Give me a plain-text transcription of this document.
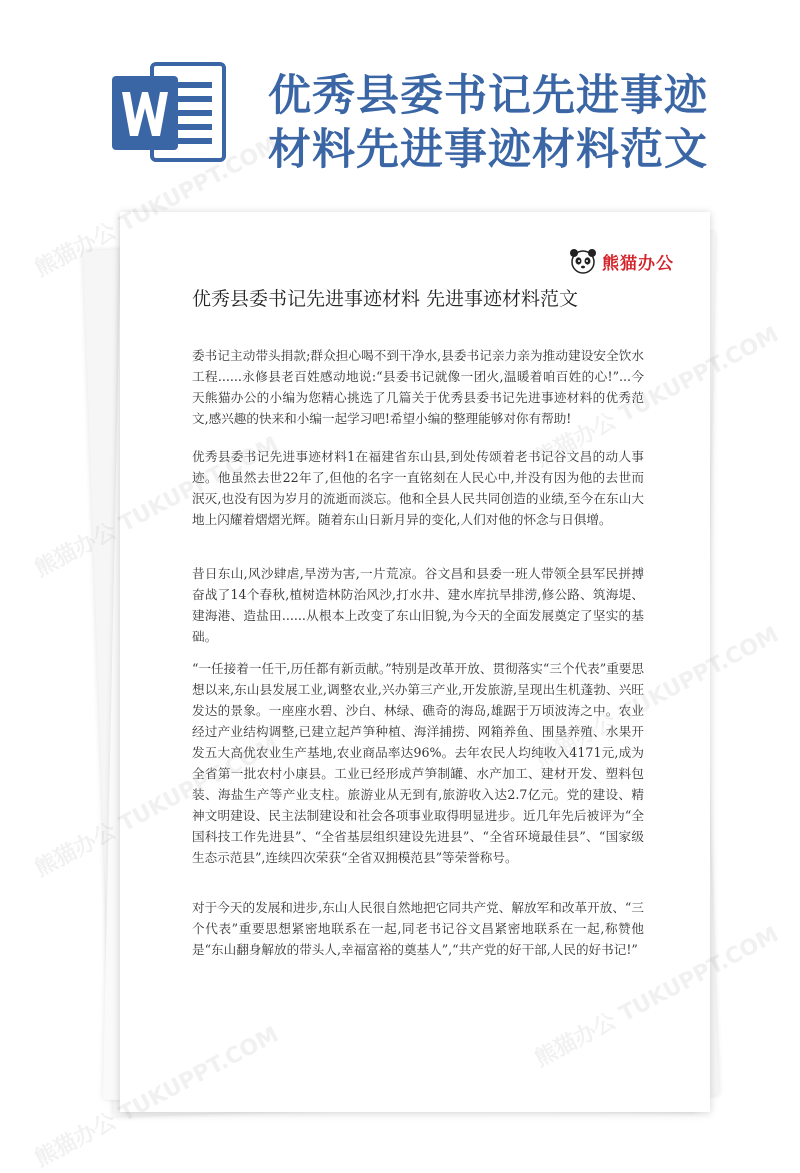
优秀县委书记先进事迹
材料先进事迹材料范文
熊猫办公
优秀县委书记先进事迹材料 先进事迹材料范文

委书记主动带头捐款;群众担心喝不到干净水,县委书记亲力亲为推动建设安全饮水工程......永修县老百姓感动地说:“县委书记就像一团火,温暖着咱百姓的心!”...今天熊猫办公的小编为您精心挑选了几篇关于优秀县委书记先进事迹材料的优秀范文,感兴趣的快来和小编一起学习吧!希望小编的整理能够对你有帮助!

优秀县委书记先进事迹材料1在福建省东山县,到处传颂着老书记谷文昌的动人事迹。他虽然去世22年了,但他的名字一直铭刻在人民心中,并没有因为他的去世而泯灭,也没有因为岁月的流逝而淡忘。他和全县人民共同创造的业绩,至今在东山大地上闪耀着熠熠光辉。随着东山日新月异的变化,人们对他的怀念与日俱增。

昔日东山,风沙肆虐,旱涝为害,一片荒凉。谷文昌和县委一班人带领全县军民拼搏奋战了14个春秋,植树造林防治风沙,打水井、建水库抗旱排涝,修公路、筑海堤、建海港、造盐田......从根本上改变了东山旧貌,为今天的全面发展奠定了坚实的基础。

“一任接着一任干,历任都有新贡献。”特别是改革开放、贯彻落实“三个代表”重要思想以来,东山县发展工业,调整农业,兴办第三产业,开发旅游,呈现出生机蓬勃、兴旺发达的景象。一座座水碧、沙白、林绿、礁奇的海岛,雄踞于万顷波涛之中。农业经过产业结构调整,已建立起芦笋种植、海洋捕捞、网箱养鱼、围垦养殖、水果开发五大高优农业生产基地,农业商品率达96%。去年农民人均纯收入4171元,成为全省第一批农村小康县。工业已经形成芦笋制罐、水产加工、建材开发、塑料包装、海盐生产等产业支柱。旅游业从无到有,旅游收入达2.7亿元。党的建设、精神文明建设、民主法制建设和社会各项事业取得明显进步。近几年先后被评为“全国科技工作先进县”、“全省基层组织建设先进县”、“全省环境最佳县”、“国家级生态示范县”,连续四次荣获“全省双拥模范县”等荣誉称号。

对于今天的发展和进步,东山人民很自然地把它同共产党、解放军和改革开放、“三个代表”重要思想紧密地联系在一起,同老书记谷文昌紧密地联系在一起,称赞他是“东山翻身解放的带头人,幸福富裕的奠基人”,“共产党的好干部,人民的好书记!”

熊猫办公 TUKUPPT.COM
熊猫办公
熊猫办公
熊猫办公
